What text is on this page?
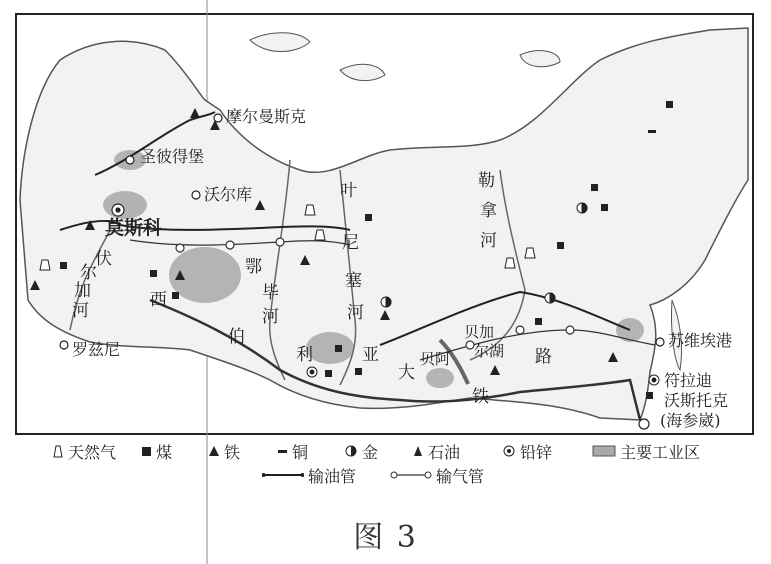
摩尔曼斯克
圣彼得堡
沃尔库
莫斯科
罗兹尼	苏维埃港
符拉迪
沃斯托克
(海参崴)
伏
尔
加
河
鄂
毕
河
叶
尼
塞
河
勒
拿
河
西
伯
利	亚
大
铁
路
贝加
尔湖
贝阿
天然气 煤	铁	铜	金	石油	铅锌	主要工业区
输油管	输气管
图 3
